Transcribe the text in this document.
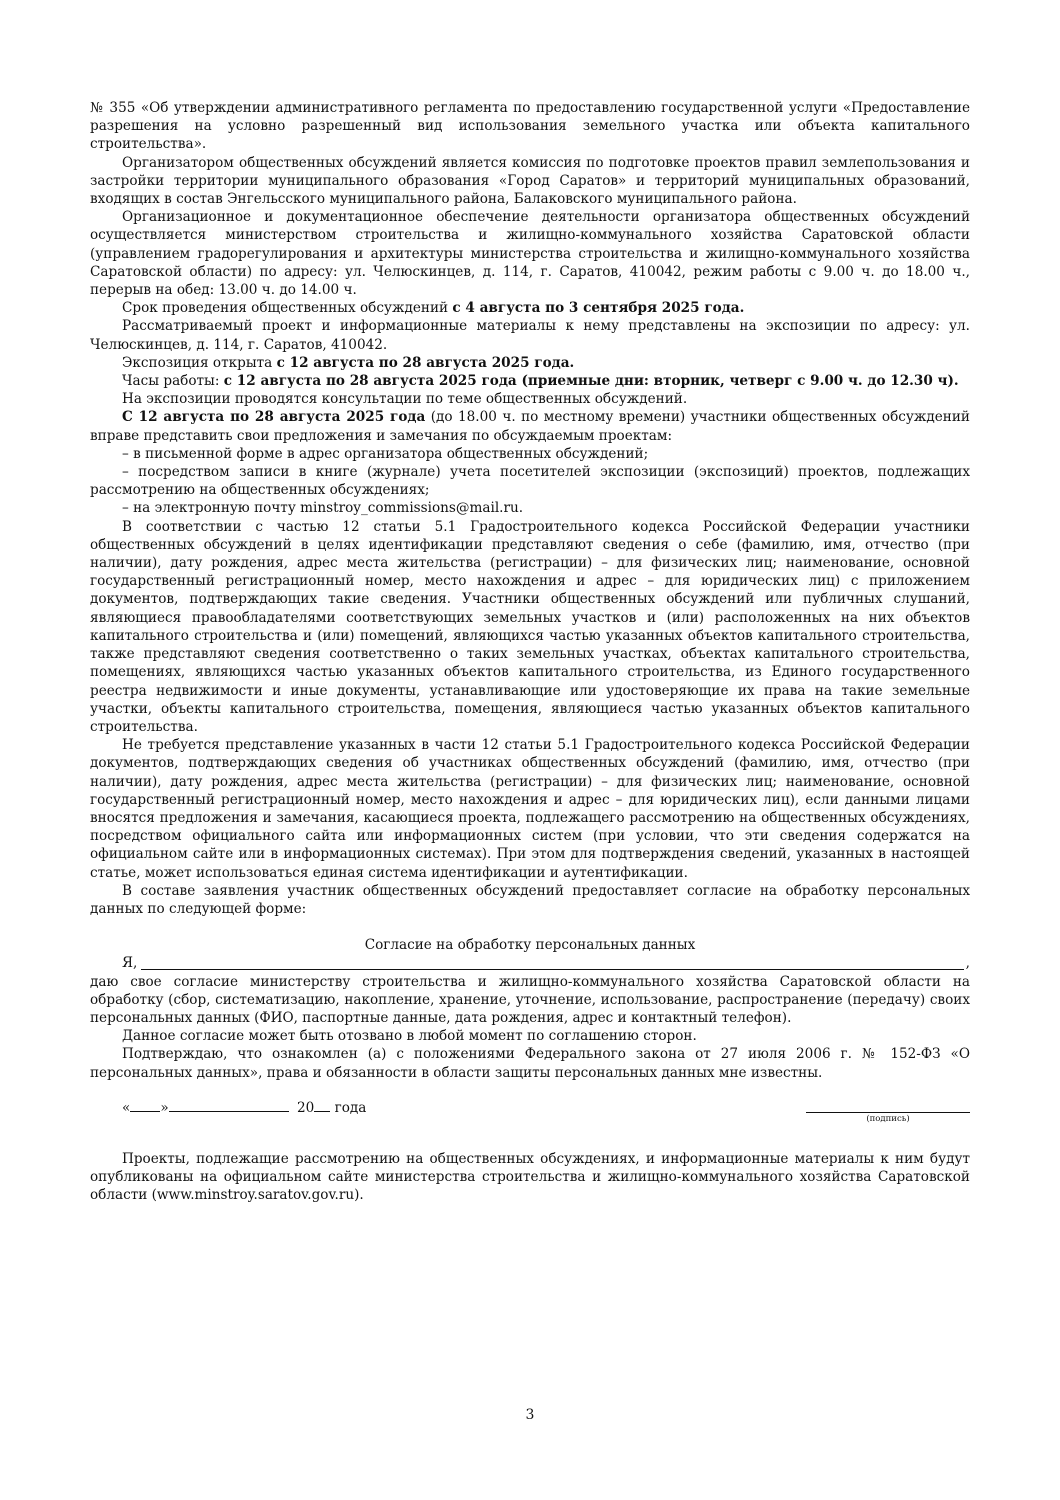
№ 355 «Об утверждении административного регламента по предоставлению государственной услуги «Предоставление разрешения на условно разрешенный вид использования земельного участка или объекта капитального строительства».

Организатором общественных обсуждений является комиссия по подготовке проектов правил землепользования и застройки территории муниципального образования «Город Саратов» и территорий муниципальных образований, входящих в состав Энгельсского муниципального района, Балаковского муниципального района.

Организационное и документационное обеспечение деятельности организатора общественных обсуждений осуществляется министерством строительства и жилищно-коммунального хозяйства Саратовской области (управлением градорегулирования и архитектуры министерства строительства и жилищно-коммунального хозяйства Саратовской области) по адресу: ул. Челюскинцев, д. 114, г. Саратов, 410042, режим работы с 9.00 ч. до 18.00 ч., перерыв на обед: 13.00 ч. до 14.00 ч.

Срок проведения общественных обсуждений с 4 августа по 3 сентября 2025 года.

Рассматриваемый проект и информационные материалы к нему представлены на экспозиции по адресу: ул. Челюскинцев, д. 114, г. Саратов, 410042.

Экспозиция открыта с 12 августа по 28 августа 2025 года.

Часы работы: с 12 августа по 28 августа 2025 года (приемные дни: вторник, четверг с 9.00 ч. до 12.30 ч).

На экспозиции проводятся консультации по теме общественных обсуждений.

С 12 августа по 28 августа 2025 года (до 18.00 ч. по местному времени) участники общественных обсуждений вправе представить свои предложения и замечания по обсуждаемым проектам:

– в письменной форме в адрес организатора общественных обсуждений;

– посредством записи в книге (журнале) учета посетителей экспозиции (экспозиций) проектов, подлежащих рассмотрению на общественных обсуждениях;

– на электронную почту minstroy_commissions@mail.ru.

В соответствии с частью 12 статьи 5.1 Градостроительного кодекса Российской Федерации участники общественных обсуждений в целях идентификации представляют сведения о себе (фамилию, имя, отчество (при наличии), дату рождения, адрес места жительства (регистрации) – для физических лиц; наименование, основной государственный регистрационный номер, место нахождения и адрес – для юридических лиц) с приложением документов, подтверждающих такие сведения. Участники общественных обсуждений или публичных слушаний, являющиеся правообладателями соответствующих земельных участков и (или) расположенных на них объектов капитального строительства и (или) помещений, являющихся частью указанных объектов капитального строительства, также представляют сведения соответственно о таких земельных участках, объектах капитального строительства, помещениях, являющихся частью указанных объектов капитального строительства, из Единого государственного реестра недвижимости и иные документы, устанавливающие или удостоверяющие их права на такие земельные участки, объекты капитального строительства, помещения, являющиеся частью указанных объектов капитального строительства.

Не требуется представление указанных в части 12 статьи 5.1 Градостроительного кодекса Российской Федерации документов, подтверждающих сведения об участниках общественных обсуждений (фамилию, имя, отчество (при наличии), дату рождения, адрес места жительства (регистрации) – для физических лиц; наименование, основной государственный регистрационный номер, место нахождения и адрес – для юридических лиц), если данными лицами вносятся предложения и замечания, касающиеся проекта, подлежащего рассмотрению на общественных обсуждениях, посредством официального сайта или информационных систем (при условии, что эти сведения содержатся на официальном сайте или в информационных системах). При этом для подтверждения сведений, указанных в настоящей статье, может использоваться единая система идентификации и аутентификации.

В составе заявления участник общественных обсуждений предоставляет согласие на обработку персональных данных по следующей форме:

Согласие на обработку персональных данных

Я,	,

даю свое согласие министерству строительства и жилищно-коммунального хозяйства Саратовской области на обработку (сбор, систематизацию, накопление, хранение, уточнение, использование, распространение (передачу) своих персональных данных (ФИО, паспортные данные, дата рождения, адрес и контактный телефон).

Данное согласие может быть отозвано в любой момент по соглашению сторон.

Подтверждаю, что ознакомлен (а) с положениями Федерального закона от 27 июля 2006 г. № 152-ФЗ «О персональных данных», права и обязанности в области защиты персональных данных мне известны.

« »	20 года
(подпись)

Проекты, подлежащие рассмотрению на общественных обсуждениях, и информационные материалы к ним будут опубликованы на официальном сайте министерства строительства и жилищно-коммунального хозяйства Саратовской области (www.minstroy.saratov.gov.ru).

3
